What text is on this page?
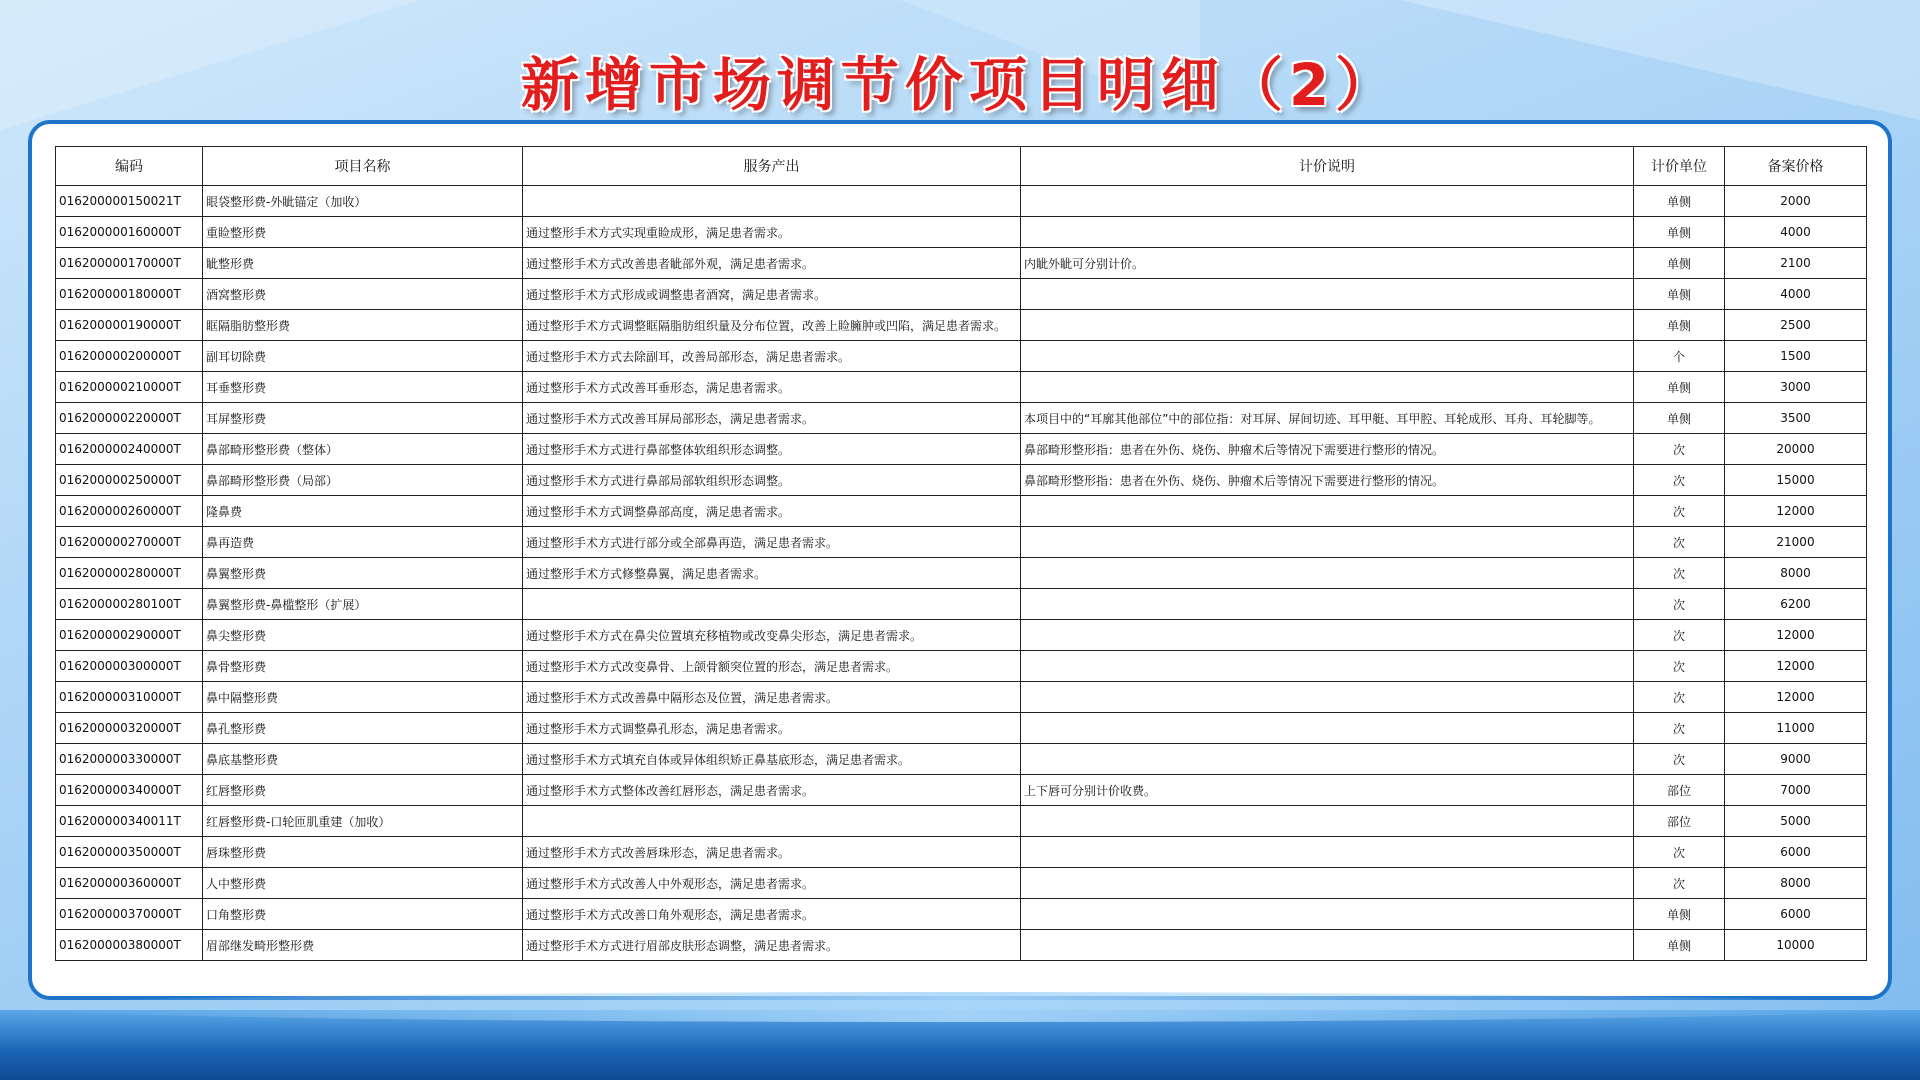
新增市场调节价项目明细（2）
编码	项目名称	服务产出	计价说明	计价单位	备案价格
016200000150021T	眼袋整形费-外眦锚定（加收）			单侧	2000
016200000160000T	重睑整形费	通过整形手术方式实现重睑成形，满足患者需求。		单侧	4000
016200000170000T	眦整形费	通过整形手术方式改善患者眦部外观，满足患者需求。	内眦外眦可分别计价。	单侧	2100
016200000180000T	酒窝整形费	通过整形手术方式形成或调整患者酒窝，满足患者需求。		单侧	4000
016200000190000T	眶隔脂肪整形费	通过整形手术方式调整眶隔脂肪组织量及分布位置，改善上睑臃肿或凹陷，满足患者需求。		单侧	2500
016200000200000T	副耳切除费	通过整形手术方式去除副耳，改善局部形态，满足患者需求。		个	1500
016200000210000T	耳垂整形费	通过整形手术方式改善耳垂形态，满足患者需求。		单侧	3000
016200000220000T	耳屏整形费	通过整形手术方式改善耳屏局部形态，满足患者需求。	本项目中的“耳廓其他部位”中的部位指：对耳屏、屏间切迹、耳甲艇、耳甲腔、耳轮成形、耳舟、耳轮脚等。	单侧	3500
016200000240000T	鼻部畸形整形费（整体）	通过整形手术方式进行鼻部整体软组织形态调整。	鼻部畸形整形指：患者在外伤、烧伤、肿瘤术后等情况下需要进行整形的情况。	次	20000
016200000250000T	鼻部畸形整形费（局部）	通过整形手术方式进行鼻部局部软组织形态调整。	鼻部畸形整形指：患者在外伤、烧伤、肿瘤术后等情况下需要进行整形的情况。	次	15000
016200000260000T	隆鼻费	通过整形手术方式调整鼻部高度，满足患者需求。		次	12000
016200000270000T	鼻再造费	通过整形手术方式进行部分或全部鼻再造，满足患者需求。		次	21000
016200000280000T	鼻翼整形费	通过整形手术方式修整鼻翼，满足患者需求。		次	8000
016200000280100T	鼻翼整形费-鼻槛整形（扩展）			次	6200
016200000290000T	鼻尖整形费	通过整形手术方式在鼻尖位置填充移植物或改变鼻尖形态，满足患者需求。		次	12000
016200000300000T	鼻骨整形费	通过整形手术方式改变鼻骨、上颌骨额突位置的形态，满足患者需求。		次	12000
016200000310000T	鼻中隔整形费	通过整形手术方式改善鼻中隔形态及位置，满足患者需求。		次	12000
016200000320000T	鼻孔整形费	通过整形手术方式调整鼻孔形态，满足患者需求。		次	11000
016200000330000T	鼻底基整形费	通过整形手术方式填充自体或异体组织矫正鼻基底形态，满足患者需求。		次	9000
016200000340000T	红唇整形费	通过整形手术方式整体改善红唇形态，满足患者需求。	上下唇可分别计价收费。	部位	7000
016200000340011T	红唇整形费-口轮匝肌重建（加收）			部位	5000
016200000350000T	唇珠整形费	通过整形手术方式改善唇珠形态，满足患者需求。		次	6000
016200000360000T	人中整形费	通过整形手术方式改善人中外观形态，满足患者需求。		次	8000
016200000370000T	口角整形费	通过整形手术方式改善口角外观形态，满足患者需求。		单侧	6000
016200000380000T	眉部继发畸形整形费	通过整形手术方式进行眉部皮肤形态调整，满足患者需求。		单侧	10000
